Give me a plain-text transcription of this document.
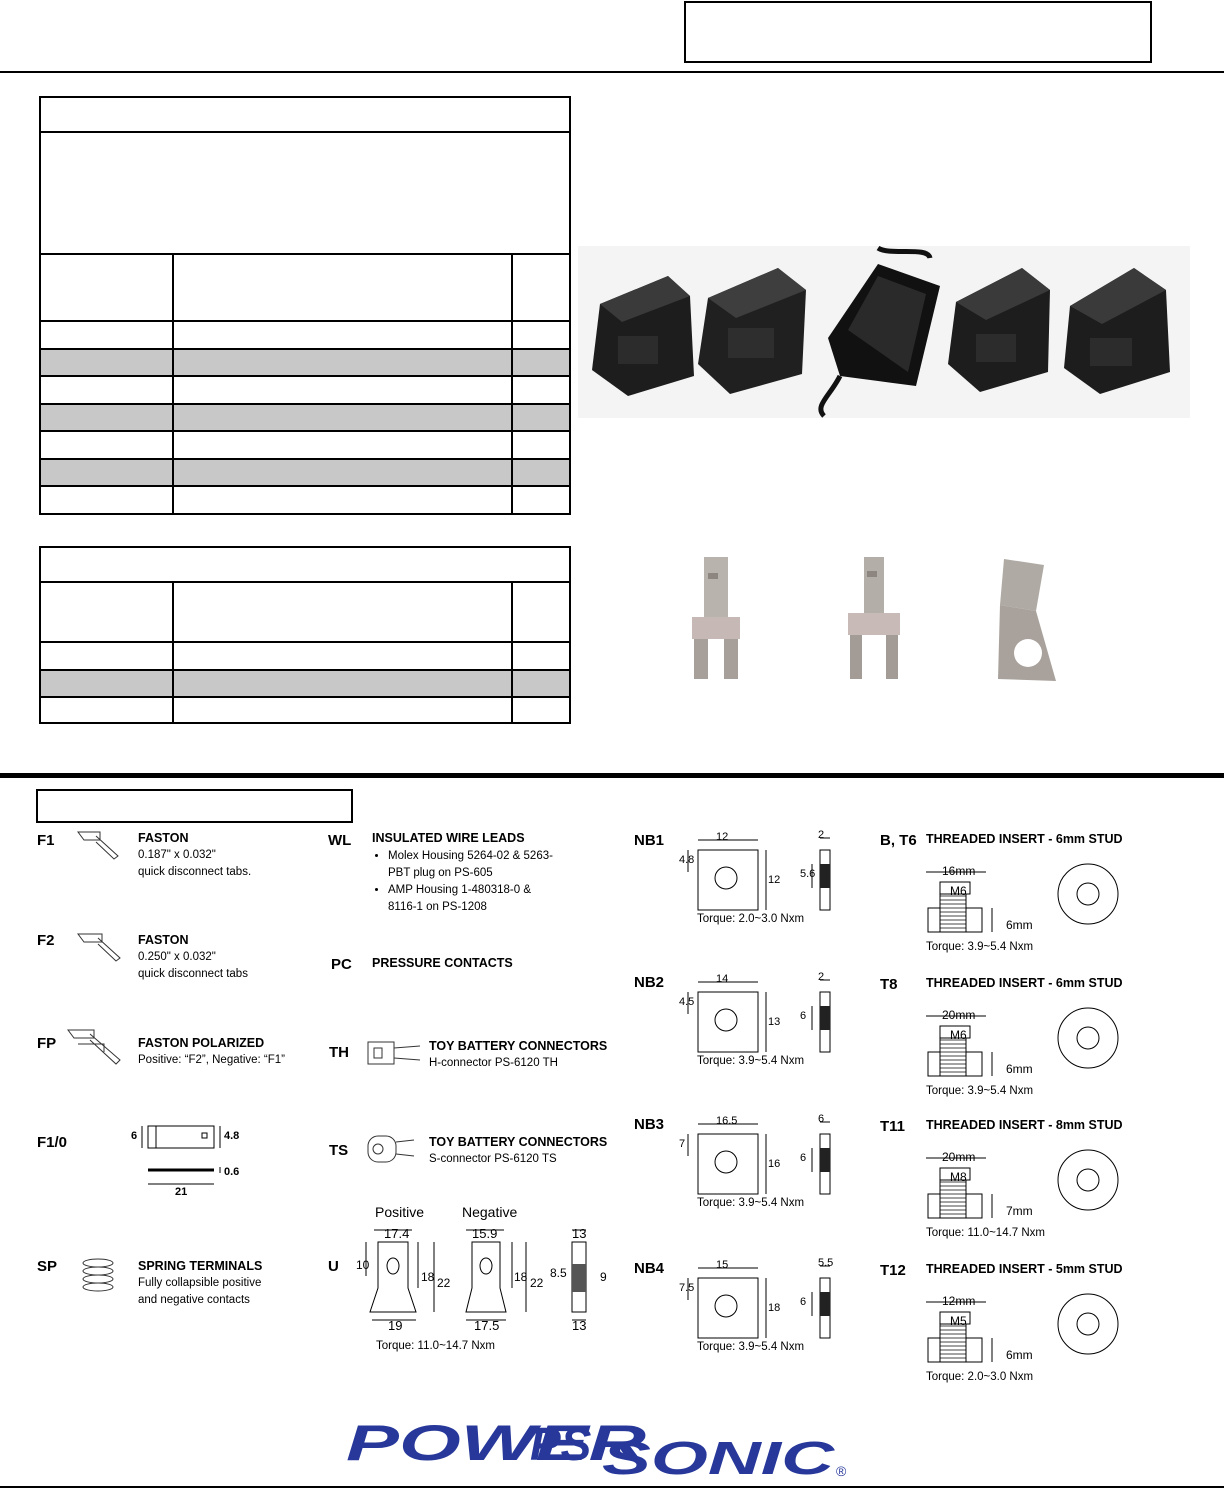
F1	FASTON
0.187" x 0.032"
quick disconnect tabs.
F2	FASTON
0.250" x 0.032"
quick disconnect tabs
FP	FASTON POLARIZED
Positive: “F2”, Negative: “F1”
F1/0	6	4.8
0.6
21
SP	SPRING TERMINALS
Fully collapsible positive
and negative contacts
WL INSULATED WIRE LEADS
• Molex Housing 5264-02 & 5263-PBT plug on PS-605
• AMP Housing 1-480318-0 & 8116-1 on PS-1208
PC PRESSURE CONTACTS
TH	TOY BATTERY CONNECTORS
H-connector PS-6120 TH
TS	TOY BATTERY CONNECTORS
S-connector PS-6120 TS
U
Positive	Negative
17.4
19
10
18 22
15.9
17.5
18 22
13
13
8.5	9
Torque: 11.0~14.7 Nxm
NB1	12
4.8
12
2
5.6
Torque: 2.0~3.0 Nxm
NB2	14
4.5
13
2
6
Torque: 3.9~5.4 Nxm
NB3	16.5
7
16
6
6
Torque: 3.9~5.4 Nxm
NB4	15
7.5
18
5.5
6
Torque: 3.9~5.4 Nxm
B, T6 THREADED INSERT - 6mm STUD
16mm
M6
6mm
Torque: 3.9~5.4 Nxm
T8 THREADED INSERT - 6mm STUD
20mm
M6
6mm
Torque: 3.9~5.4 Nxm
T11 THREADED INSERT - 8mm STUD
20mm
M8
7mm
Torque: 11.0~14.7 Nxm
T12 THREADED INSERT - 5mm STUD
12mm
M5
6mm
Torque: 2.0~3.0 Nxm
POWER
PS SONIC ®
